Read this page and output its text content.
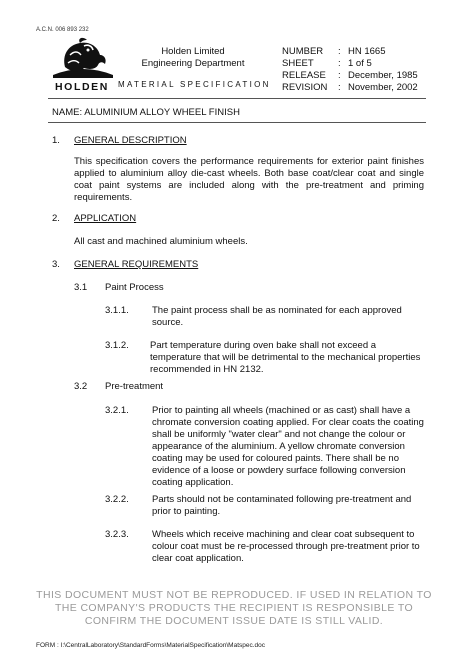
A.C.N. 006 893 232
HOLDEN
Holden Limited
Engineering Department
MATERIAL SPECIFICATION
NUMBER : HN 1665
SHEET	: 1 of 5
RELEASE : December, 1985
REVISION : November, 2002
NAME: ALUMINIUM ALLOY WHEEL FINISH
1. GENERAL DESCRIPTION
This specification covers the performance requirements for exterior paint finishes applied to aluminium alloy die-cast wheels. Both base coat/clear coat and single coat paint systems are included along with the pre-treatment and priming requirements.
2. APPLICATION
All cast and machined aluminium wheels.
3. GENERAL REQUIREMENTS
3.1 Paint Process
3.1.1. The paint process shall be as nominated for each approved source.
3.1.2. Part temperature during oven bake shall not exceed a temperature that will be detrimental to the mechanical properties recommended in HN 2132.
3.2 Pre-treatment
3.2.1. Prior to painting all wheels (machined or as cast) shall have a chromate conversion coating applied. For clear coats the coating shall be uniformly "water clear" and not change the colour or appearance of the aluminium. A yellow chromate conversion coating may be used for coloured paints. There shall be no evidence of a loose or powdery surface following conversion coating application.
3.2.2. Parts should not be contaminated following pre-treatment and prior to painting.
3.2.3. Wheels which receive machining and clear coat subsequent to colour coat must be re-processed through pre-treatment prior to clear coat application.
THIS DOCUMENT MUST NOT BE REPRODUCED. IF USED IN RELATION TO THE COMPANY'S PRODUCTS THE RECIPIENT IS RESPONSIBLE TO CONFIRM THE DOCUMENT ISSUE DATE IS STILL VALID.
FORM : I:\CentralLaboratory\StandardForms\MaterialSpecification\Matspec.doc
